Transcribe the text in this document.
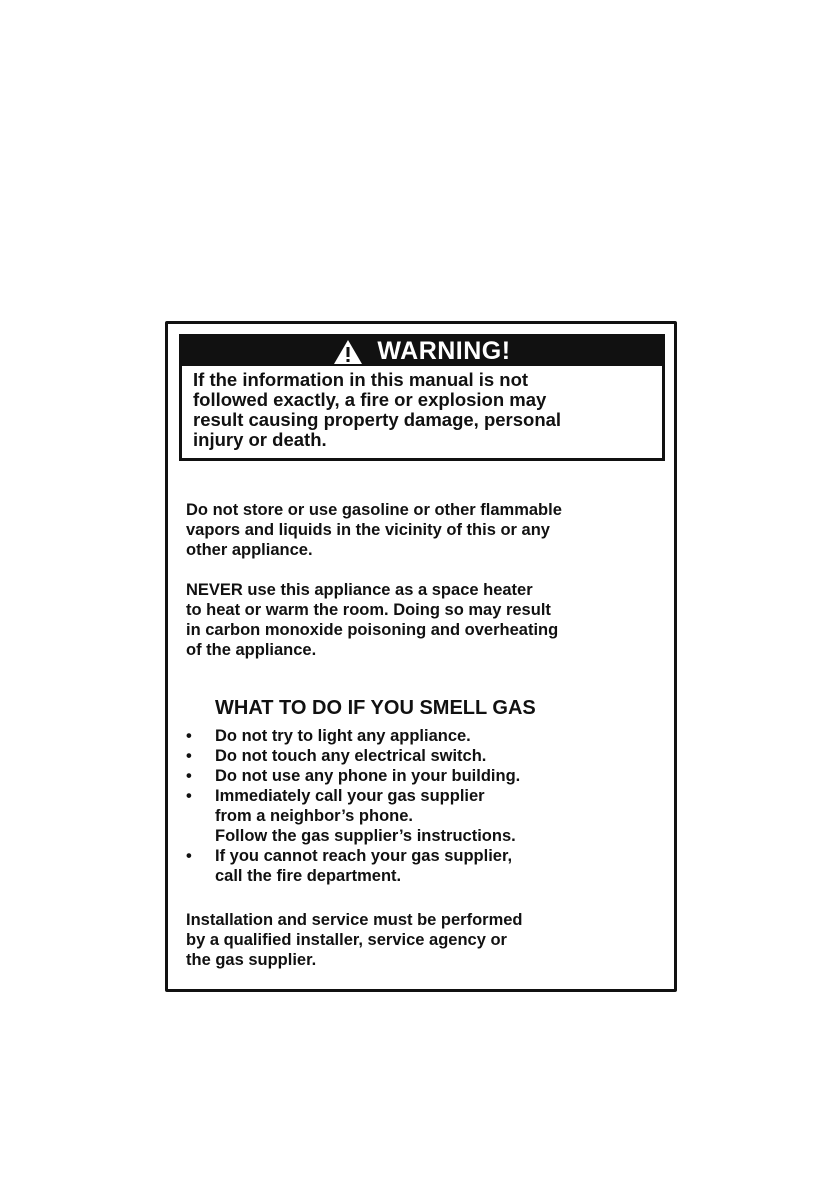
WARNING!
If the information in this manual is not
followed exactly, a fire or explosion may
result causing property damage, personal
injury or death.
Do not store or use gasoline or other flammable
vapors and liquids in the vicinity of this or any
other appliance.
NEVER use this appliance as a space heater
to heat or warm the room. Doing so may result
in carbon monoxide poisoning and overheating
of the appliance.
WHAT TO DO IF YOU SMELL GAS
•	Do not try to light any appliance.
•	Do not touch any electrical switch.
•	Do not use any phone in your building.
•	Immediately call your gas supplier
from a neighbor’s phone.
Follow the gas supplier’s instructions.
•	If you cannot reach your gas supplier,
call the fire department.
Installation and service must be performed
by a qualified installer, service agency or
the gas supplier.
